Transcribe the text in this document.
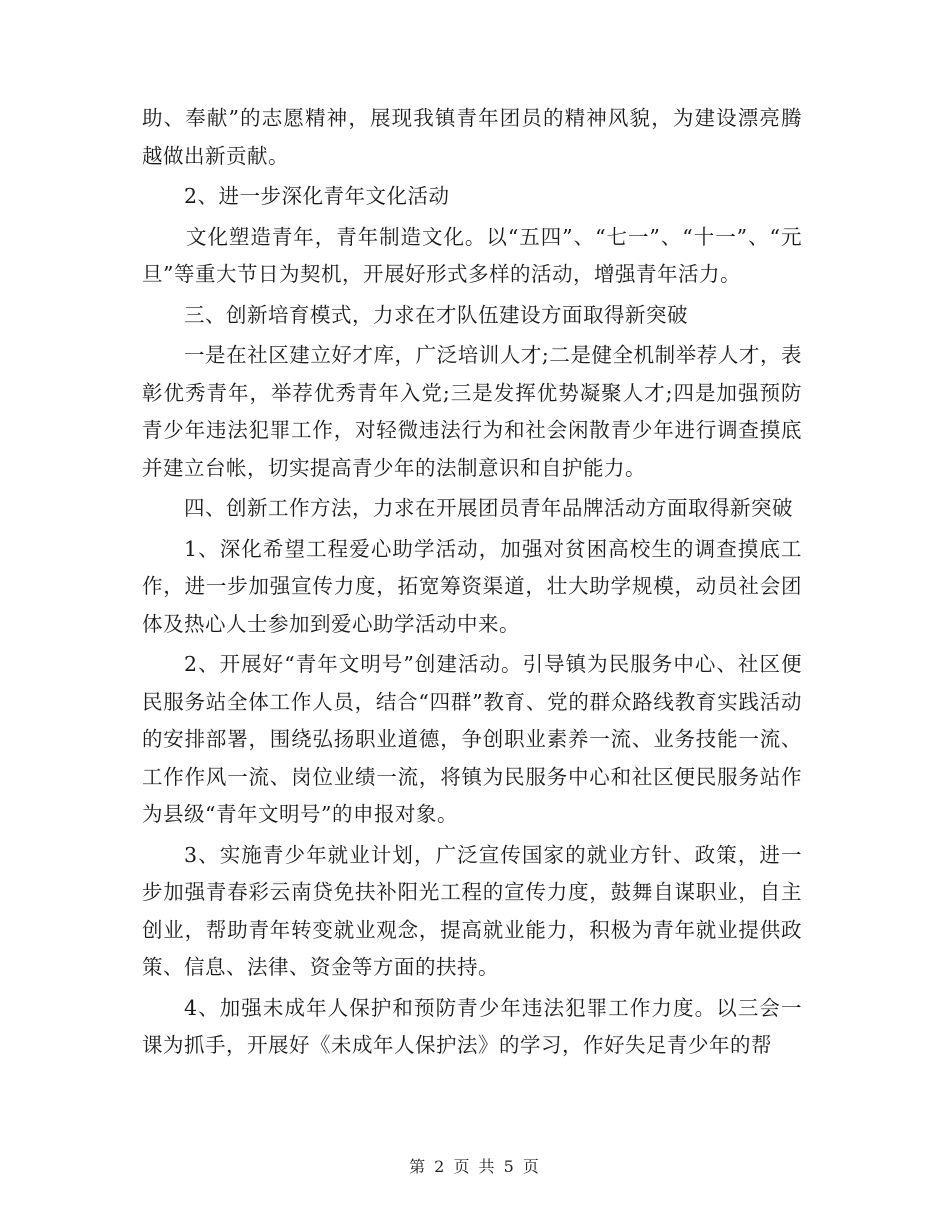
助、奉献”的志愿精神，展现我镇青年团员的精神风貌，为建设漂亮腾越做出新贡献。

2、进一步深化青年文化活动

文化塑造青年，青年制造文化。以“五四”、“七一”、“十一”、“元旦”等重大节日为契机，开展好形式多样的活动，增强青年活力。

三、创新培育模式，力求在才队伍建设方面取得新突破

一是在社区建立好才库，广泛培训人才;二是健全机制举荐人才，表彰优秀青年，举荐优秀青年入党;三是发挥优势凝聚人才;四是加强预防青少年违法犯罪工作，对轻微违法行为和社会闲散青少年进行调查摸底并建立台帐，切实提高青少年的法制意识和自护能力。

四、创新工作方法，力求在开展团员青年品牌活动方面取得新突破

1、深化希望工程爱心助学活动，加强对贫困高校生的调查摸底工作，进一步加强宣传力度，拓宽筹资渠道，壮大助学规模，动员社会团体及热心人士参加到爱心助学活动中来。

2、开展好“青年文明号”创建活动。引导镇为民服务中心、社区便民服务站全体工作人员，结合“四群”教育、党的群众路线教育实践活动的安排部署，围绕弘扬职业道德，争创职业素养一流、业务技能一流、工作作风一流、岗位业绩一流，将镇为民服务中心和社区便民服务站作为县级“青年文明号”的申报对象。

3、实施青少年就业计划，广泛宣传国家的就业方针、政策，进一步加强青春彩云南贷免扶补阳光工程的宣传力度，鼓舞自谋职业，自主创业，帮助青年转变就业观念，提高就业能力，积极为青年就业提供政策、信息、法律、资金等方面的扶持。

4、加强未成年人保护和预防青少年违法犯罪工作力度。以三会一课为抓手，开展好《未成年人保护法》的学习，作好失足青少年的帮

第 2 页 共 5 页
